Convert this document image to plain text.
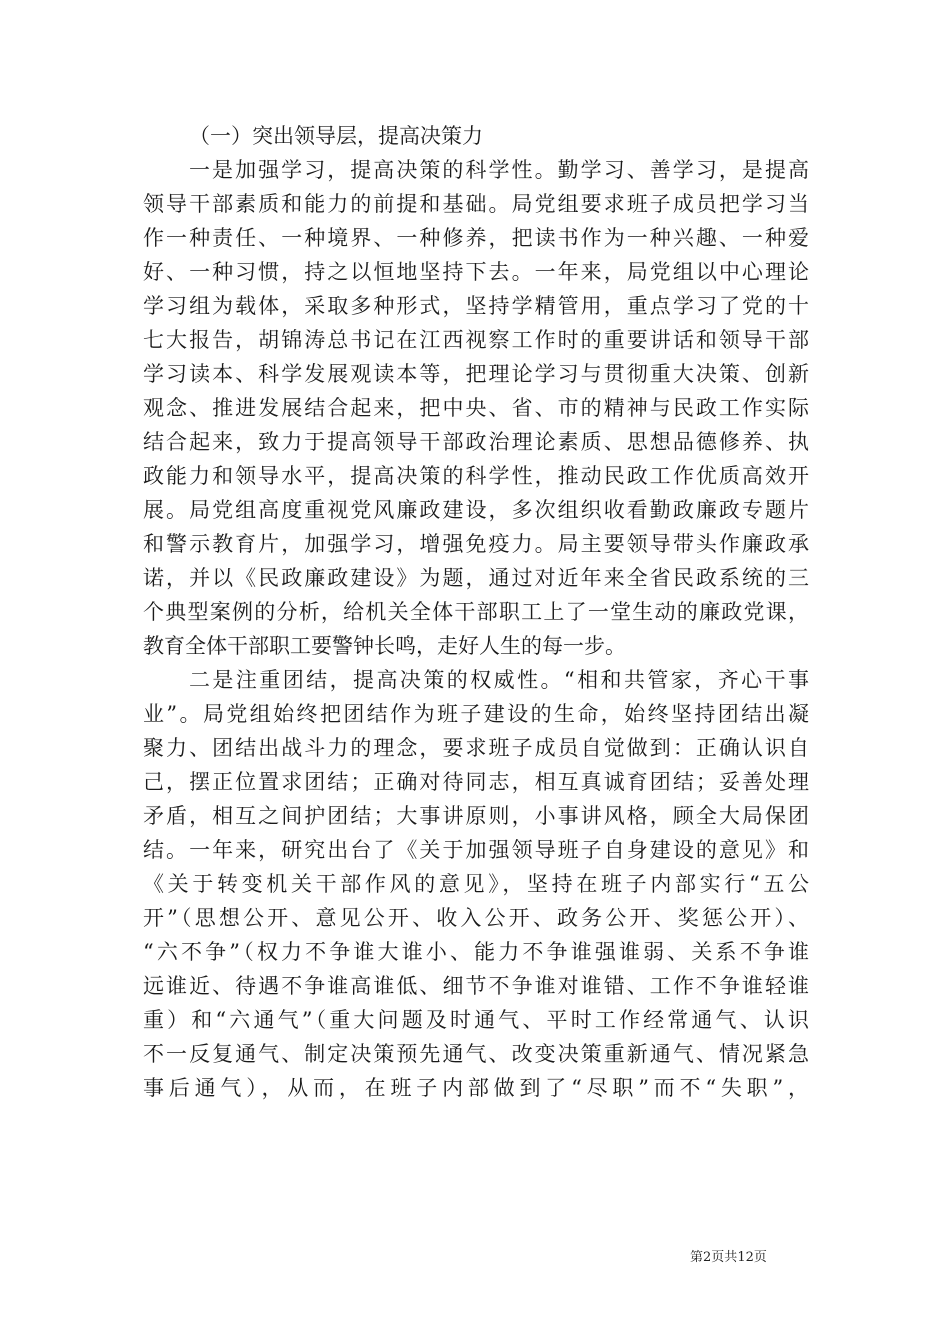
（一）突出领导层，提高决策力
一是加强学习，提高决策的科学性。勤学习、善学习，是提高
领导干部素质和能力的前提和基础。局党组要求班子成员把学习当
作一种责任、一种境界、一种修养，把读书作为一种兴趣、一种爱
好、一种习惯，持之以恒地坚持下去。一年来，局党组以中心理论
学习组为载体，采取多种形式，坚持学精管用，重点学习了党的十
七大报告，胡锦涛总书记在江西视察工作时的重要讲话和领导干部
学习读本、科学发展观读本等，把理论学习与贯彻重大决策、创新
观念、推进发展结合起来，把中央、省、市的精神与民政工作实际
结合起来，致力于提高领导干部政治理论素质、思想品德修养、执
政能力和领导水平，提高决策的科学性，推动民政工作优质高效开
展。局党组高度重视党风廉政建设，多次组织收看勤政廉政专题片
和警示教育片，加强学习，增强免疫力。局主要领导带头作廉政承
诺，并以《民政廉政建设》为题，通过对近年来全省民政系统的三
个典型案例的分析，给机关全体干部职工上了一堂生动的廉政党课，
教育全体干部职工要警钟长鸣，走好人生的每一步。
二是注重团结，提高决策的权威性。“相和共管家，齐心干事
业”。局党组始终把团结作为班子建设的生命，始终坚持团结出凝
聚力、团结出战斗力的理念，要求班子成员自觉做到：正确认识自
己，摆正位置求团结；正确对待同志，相互真诚育团结；妥善处理
矛盾，相互之间护团结；大事讲原则，小事讲风格，顾全大局保团
结。一年来，研究出台了《关于加强领导班子自身建设的意见》和
《关于转变机关干部作风的意见》，坚持在班子内部实行“五公
开”（思想公开、意见公开、收入公开、政务公开、奖惩公开）、
“六不争”（权力不争谁大谁小、能力不争谁强谁弱、关系不争谁
远谁近、待遇不争谁高谁低、细节不争谁对谁错、工作不争谁轻谁
重）和“六通气”（重大问题及时通气、平时工作经常通气、认识
不一反复通气、制定决策预先通气、改变决策重新通气、情况紧急
事后通气），从而，在班子内部做到了“尽职”而不“失职”，
第2页共12页
